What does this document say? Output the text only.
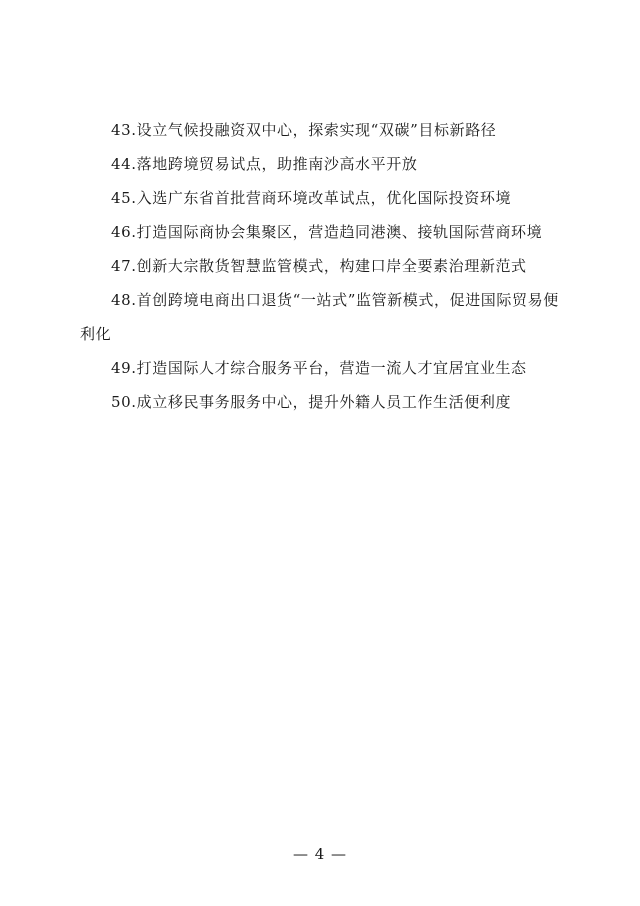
43.设立气候投融资双中心，探索实现“双碳”目标新路径

44.落地跨境贸易试点，助推南沙高水平开放

45.入选广东省首批营商环境改革试点，优化国际投资环境

46.打造国际商协会集聚区，营造趋同港澳、接轨国际营商环境

47.创新大宗散货智慧监管模式，构建口岸全要素治理新范式

48.首创跨境电商出口退货“一站式”监管新模式，促进国际贸易便利化

49.打造国际人才综合服务平台，营造一流人才宜居宜业生态

50.成立移民事务服务中心，提升外籍人员工作生活便利度

— 4 —
